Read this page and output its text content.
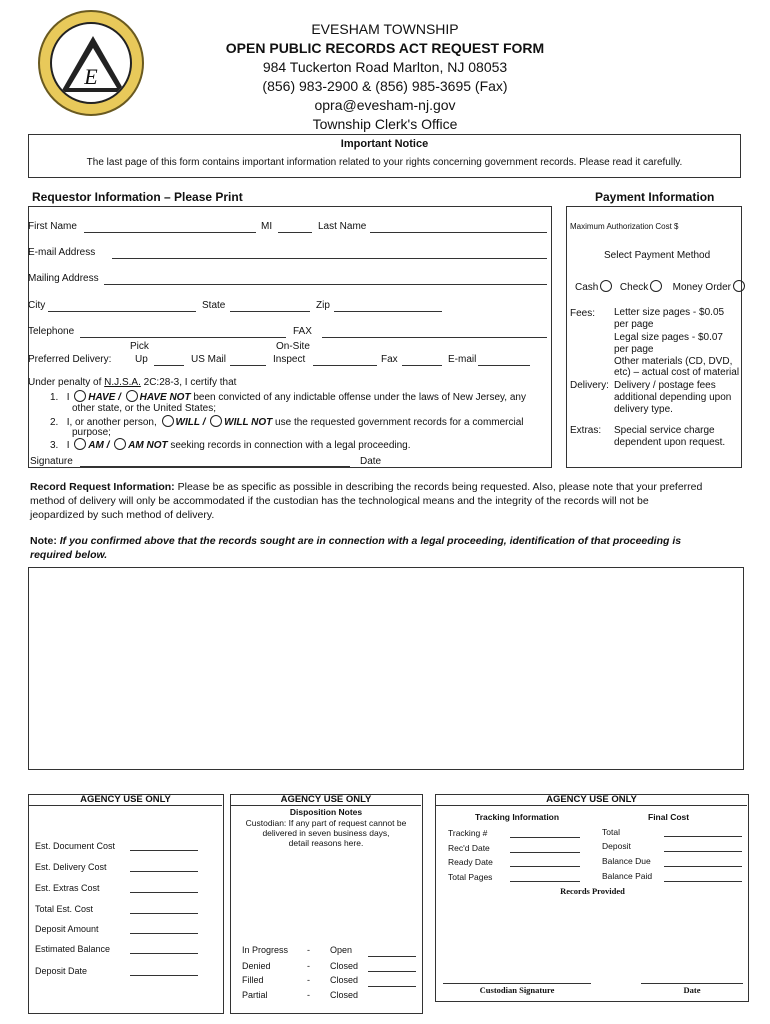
E
EVESHAM TOWNSHIP
OPEN PUBLIC RECORDS ACT REQUEST FORM
984 Tuckerton Road Marlton, NJ 08053
(856) 983-2900 & (856) 985-3695 (Fax)
opra@evesham-nj.gov
Township Clerk's Office
Important Notice
The last page of this form contains important information related to your rights concerning government records. Please read it carefully.
Requestor Information – Please Print
First Name	MI	Last Name
E-mail Address
Mailing Address
City	State	Zip
Telephone	FAX
Pick	On-Site
Preferred Delivery: Up	US Mail	Inspect	Fax	E-mail
Under penalty of N.J.S.A. 2C:28-3, I certify that
1. I HAVE / HAVE NOT been convicted of any indictable offense under the laws of New Jersey, any
other state, or the United States;
2. I, or another person, WILL / WILL NOT use the requested government records for a commercial
purpose;
3. I AM / AM NOT seeking records in connection with a legal proceeding.
Signature	Date
Payment Information
Maximum Authorization Cost $
Select Payment Method
Cash Check Money Order
Fees: Letter size pages - $0.05
per page
Legal size pages - $0.07
per page
Other materials (CD, DVD,
etc) – actual cost of material
Delivery: Delivery / postage fees
additional depending upon
delivery type.
Extras: Special service charge
dependent upon request.
Record Request Information: Please be as specific as possible in describing the records being requested. Also, please note that your preferred
method of delivery will only be accommodated if the custodian has the technological means and the integrity of the records will not be
jeopardized by such method of delivery.
Note: If you confirmed above that the records sought are in connection with a legal proceeding, identification of that proceeding is
required below.
AGENCY USE ONLY
Est. Document Cost
Est. Delivery Cost
Est. Extras Cost
Total Est. Cost
Deposit Amount
Estimated Balance
Deposit Date
AGENCY USE ONLY
Disposition Notes
Custodian: If any part of request cannot be
delivered in seven business days,
detail reasons here.
In Progress - Open
Denied	- Closed
Filled	- Closed
Partial	- Closed
AGENCY USE ONLY
Tracking Information	Final Cost
Tracking #
Rec'd Date
Ready Date
Total Pages
Total
Deposit
Balance Due
Balance Paid
Records Provided
Custodian Signature	Date
